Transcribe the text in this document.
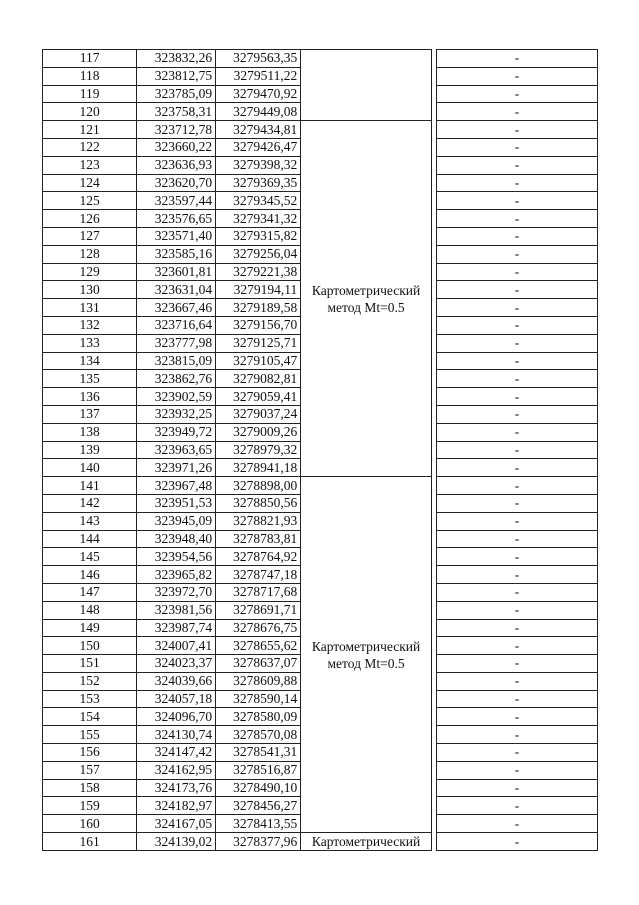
117	323832,26	3279563,35			-
118	323812,75	3279511,22			-
119	323785,09	3279470,92			-
120	323758,31	3279449,08			-
121	323712,78	3279434,81	Картометрический метод Mt=0.5		-
122	323660,22	3279426,47			-
123	323636,93	3279398,32			-
124	323620,70	3279369,35			-
125	323597,44	3279345,52			-
126	323576,65	3279341,32			-
127	323571,40	3279315,82			-
128	323585,16	3279256,04			-
129	323601,81	3279221,38			-
130	323631,04	3279194,11			-
131	323667,46	3279189,58			-
132	323716,64	3279156,70			-
133	323777,98	3279125,71			-
134	323815,09	3279105,47			-
135	323862,76	3279082,81			-
136	323902,59	3279059,41			-
137	323932,25	3279037,24			-
138	323949,72	3279009,26			-
139	323963,65	3278979,32			-
140	323971,26	3278941,18			-
141	323967,48	3278898,00	Картометрический метод Mt=0.5		-
142	323951,53	3278850,56			-
143	323945,09	3278821,93			-
144	323948,40	3278783,81			-
145	323954,56	3278764,92			-
146	323965,82	3278747,18			-
147	323972,70	3278717,68			-
148	323981,56	3278691,71			-
149	323987,74	3278676,75			-
150	324007,41	3278655,62			-
151	324023,37	3278637,07			-
152	324039,66	3278609,88			-
153	324057,18	3278590,14			-
154	324096,70	3278580,09			-
155	324130,74	3278570,08			-
156	324147,42	3278541,31			-
157	324162,95	3278516,87			-
158	324173,76	3278490,10			-
159	324182,97	3278456,27			-
160	324167,05	3278413,55			-
161	324139,02	3278377,96	Картометрический		-
